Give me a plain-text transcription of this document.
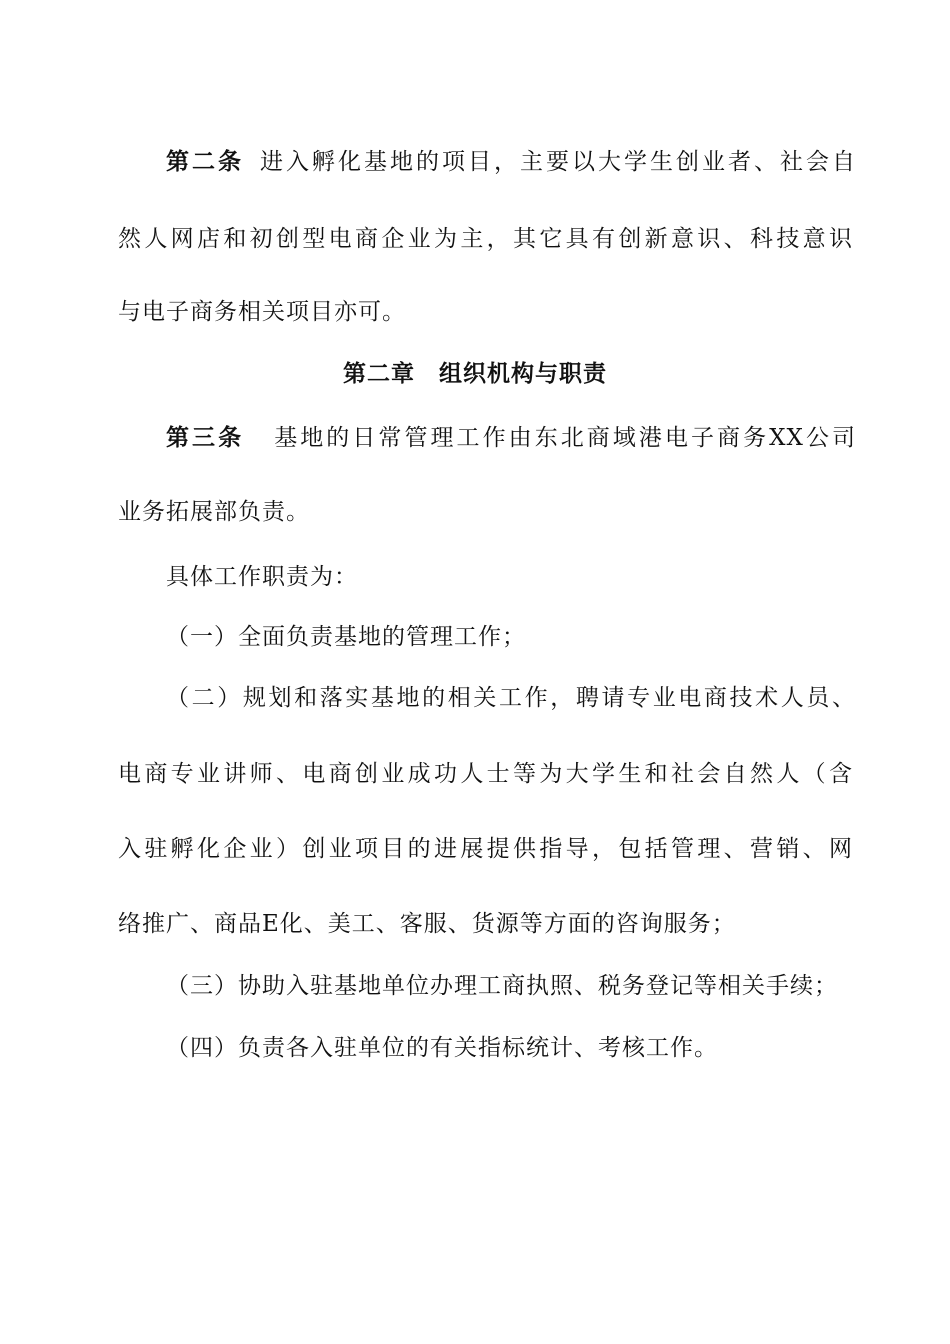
第二条 进入孵化基地的项目，主要以大学生创业者、社会自
然人网店和初创型电商企业为主，其它具有创新意识、科技意识
与电子商务相关项目亦可。
第二章 组织机构与职责
第三条 基地的日常管理工作由东北商域港电子商务XX公司
业务拓展部负责。
具体工作职责为：
（一）全面负责基地的管理工作；
（二）规划和落实基地的相关工作，聘请专业电商技术人员、
电商专业讲师、电商创业成功人士等为大学生和社会自然人（含
入驻孵化企业）创业项目的进展提供指导，包括管理、营销、网
络推广、商品E化、美工、客服、货源等方面的咨询服务；
（三）协助入驻基地单位办理工商执照、税务登记等相关手续；
（四）负责各入驻单位的有关指标统计、考核工作。
